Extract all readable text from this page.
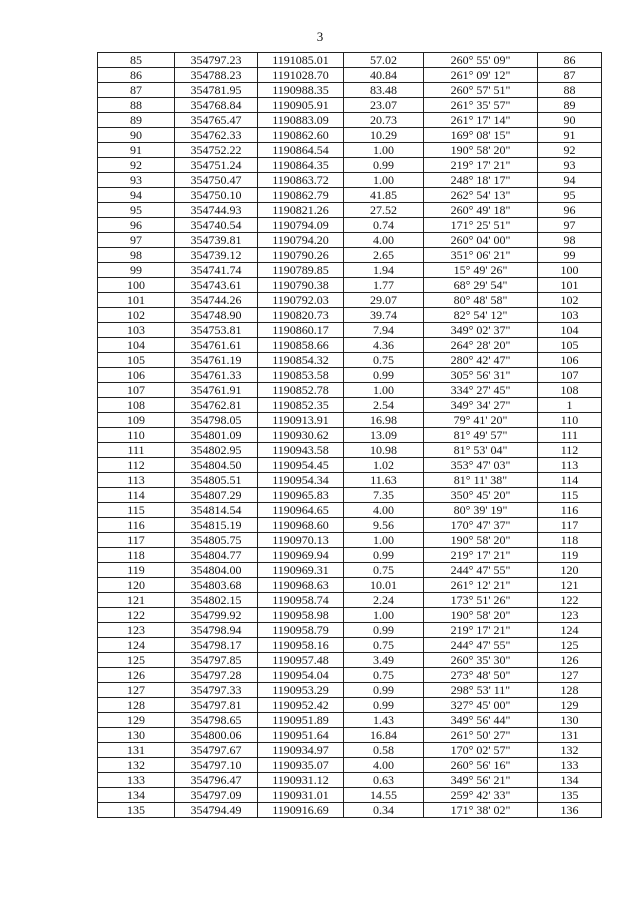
3
85	354797.23	1191085.01	57.02	260° 55' 09"	86
86	354788.23	1191028.70	40.84	261° 09' 12"	87
87	354781.95	1190988.35	83.48	260° 57' 51"	88
88	354768.84	1190905.91	23.07	261° 35' 57"	89
89	354765.47	1190883.09	20.73	261° 17' 14"	90
90	354762.33	1190862.60	10.29	169° 08' 15"	91
91	354752.22	1190864.54	1.00	190° 58' 20"	92
92	354751.24	1190864.35	0.99	219° 17' 21"	93
93	354750.47	1190863.72	1.00	248° 18' 17"	94
94	354750.10	1190862.79	41.85	262° 54' 13"	95
95	354744.93	1190821.26	27.52	260° 49' 18"	96
96	354740.54	1190794.09	0.74	171° 25' 51"	97
97	354739.81	1190794.20	4.00	260° 04' 00"	98
98	354739.12	1190790.26	2.65	351° 06' 21"	99
99	354741.74	1190789.85	1.94	15° 49' 26"	100
100	354743.61	1190790.38	1.77	68° 29' 54"	101
101	354744.26	1190792.03	29.07	80° 48' 58"	102
102	354748.90	1190820.73	39.74	82° 54' 12"	103
103	354753.81	1190860.17	7.94	349° 02' 37"	104
104	354761.61	1190858.66	4.36	264° 28' 20"	105
105	354761.19	1190854.32	0.75	280° 42' 47"	106
106	354761.33	1190853.58	0.99	305° 56' 31"	107
107	354761.91	1190852.78	1.00	334° 27' 45"	108
108	354762.81	1190852.35	2.54	349° 34' 27"	1
109	354798.05	1190913.91	16.98	79° 41' 20"	110
110	354801.09	1190930.62	13.09	81° 49' 57"	111
111	354802.95	1190943.58	10.98	81° 53' 04"	112
112	354804.50	1190954.45	1.02	353° 47' 03"	113
113	354805.51	1190954.34	11.63	81° 11' 38"	114
114	354807.29	1190965.83	7.35	350° 45' 20"	115
115	354814.54	1190964.65	4.00	80° 39' 19"	116
116	354815.19	1190968.60	9.56	170° 47' 37"	117
117	354805.75	1190970.13	1.00	190° 58' 20"	118
118	354804.77	1190969.94	0.99	219° 17' 21"	119
119	354804.00	1190969.31	0.75	244° 47' 55"	120
120	354803.68	1190968.63	10.01	261° 12' 21"	121
121	354802.15	1190958.74	2.24	173° 51' 26"	122
122	354799.92	1190958.98	1.00	190° 58' 20"	123
123	354798.94	1190958.79	0.99	219° 17' 21"	124
124	354798.17	1190958.16	0.75	244° 47' 55"	125
125	354797.85	1190957.48	3.49	260° 35' 30"	126
126	354797.28	1190954.04	0.75	273° 48' 50"	127
127	354797.33	1190953.29	0.99	298° 53' 11"	128
128	354797.81	1190952.42	0.99	327° 45' 00"	129
129	354798.65	1190951.89	1.43	349° 56' 44"	130
130	354800.06	1190951.64	16.84	261° 50' 27"	131
131	354797.67	1190934.97	0.58	170° 02' 57"	132
132	354797.10	1190935.07	4.00	260° 56' 16"	133
133	354796.47	1190931.12	0.63	349° 56' 21"	134
134	354797.09	1190931.01	14.55	259° 42' 33"	135
135	354794.49	1190916.69	0.34	171° 38' 02"	136
